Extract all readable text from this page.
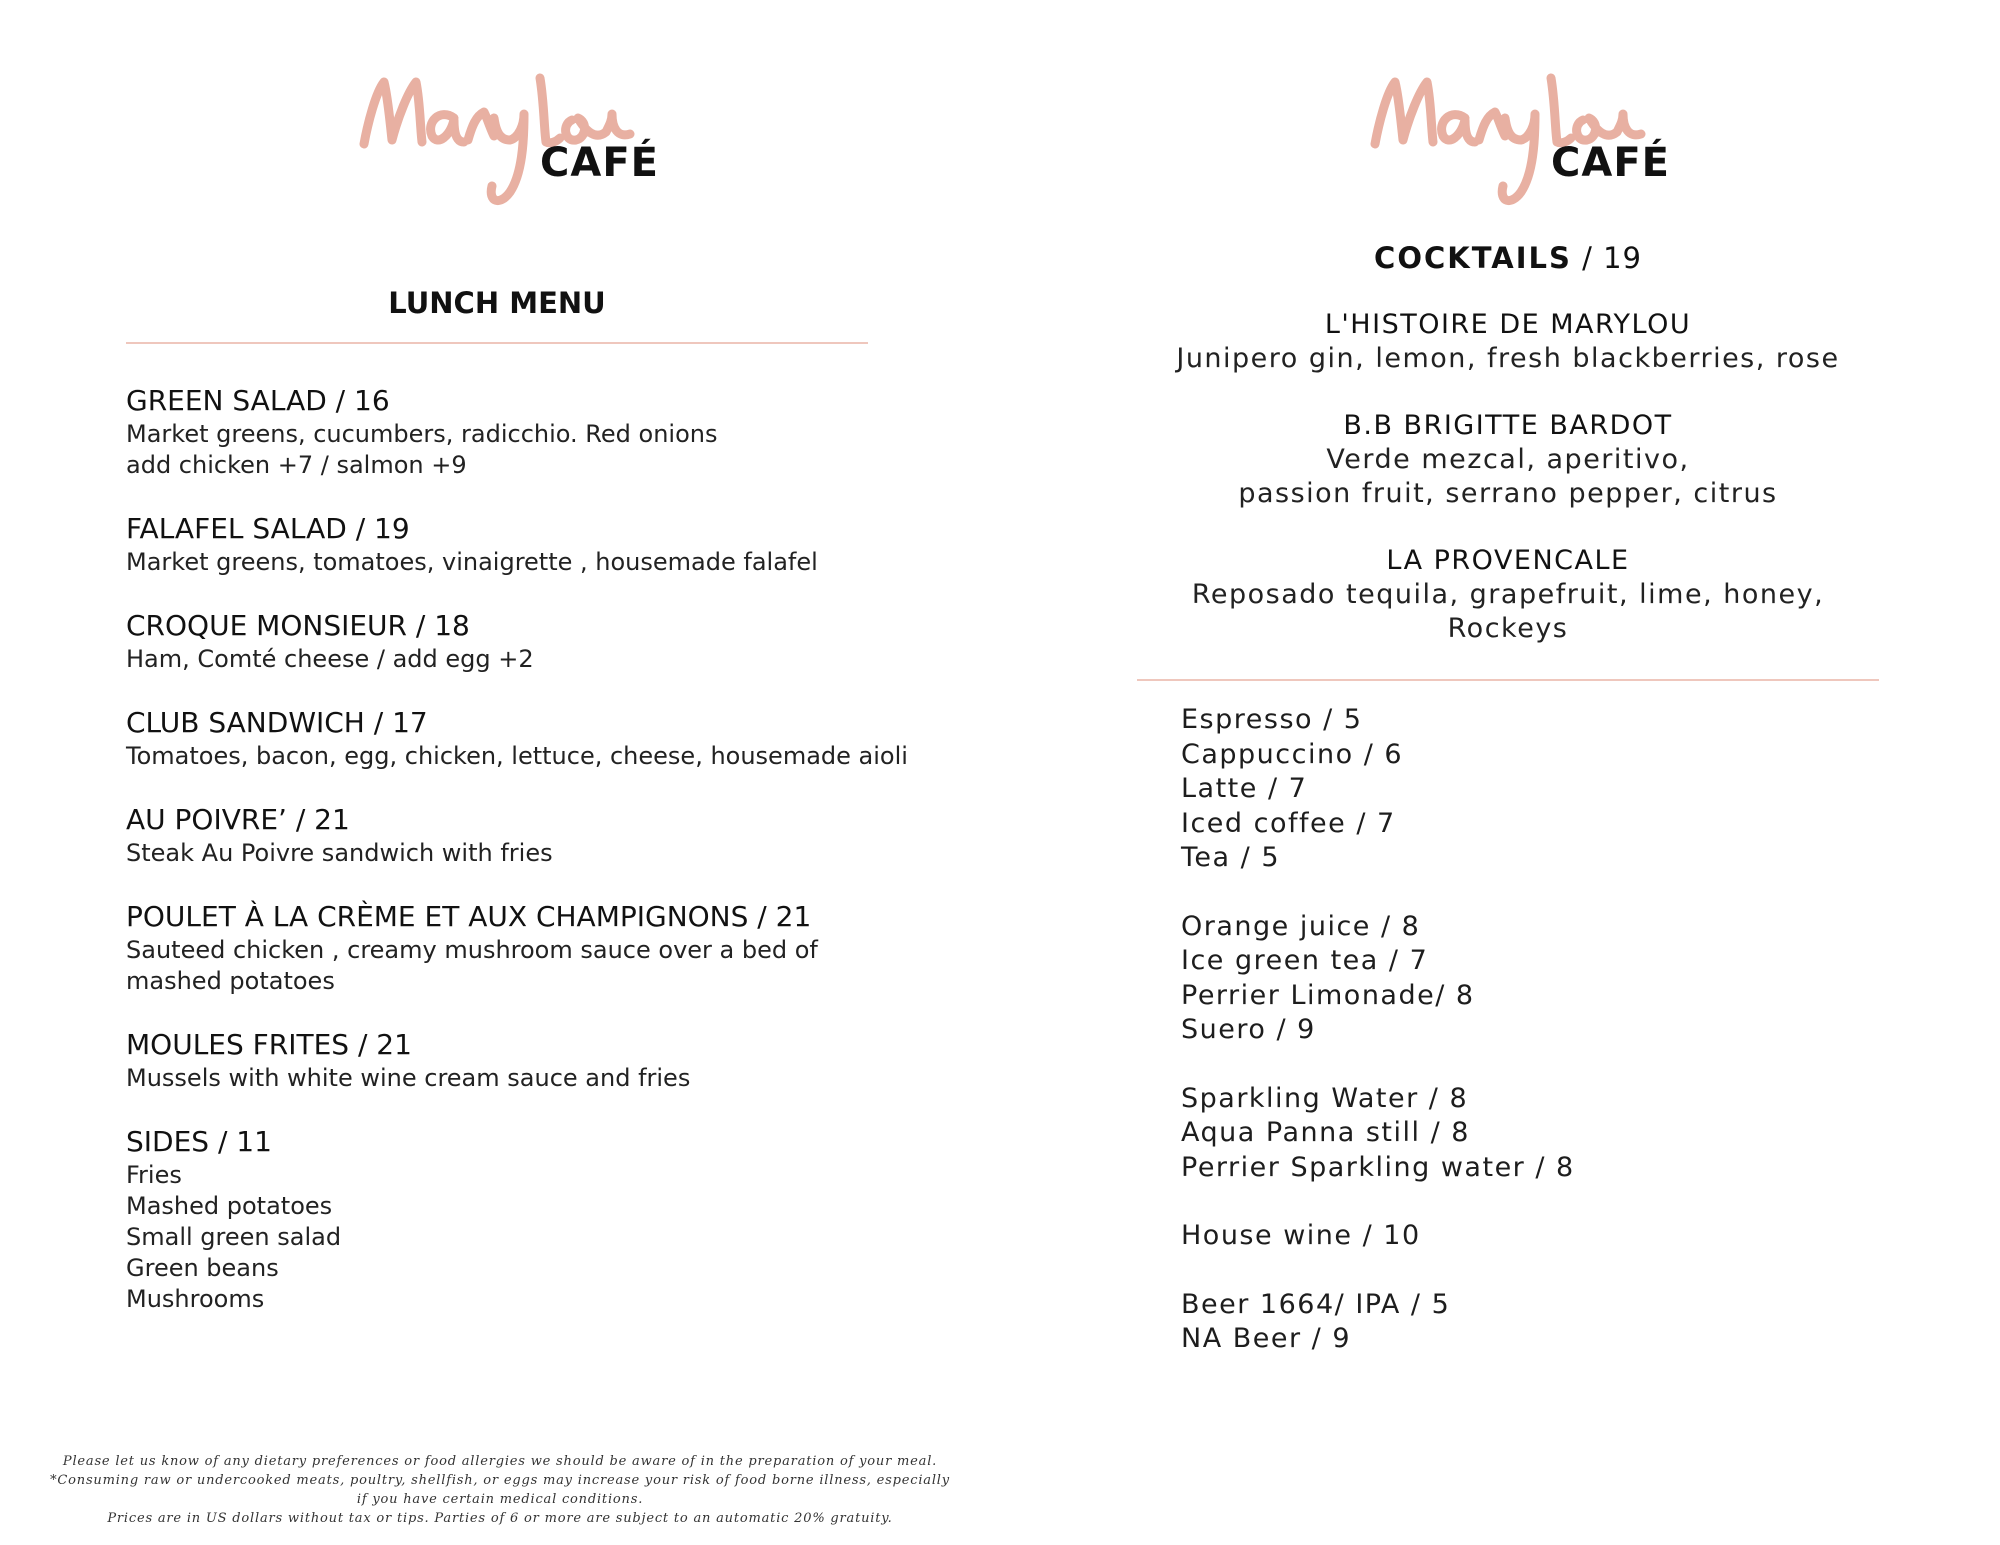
CAFÉ	CAFÉ
LUNCH MENU
GREEN SALAD / 16
Market greens, cucumbers, radicchio. Red onions
add chicken +7 / salmon +9
FALAFEL SALAD / 19
Market greens, tomatoes, vinaigrette , housemade falafel
CROQUE MONSIEUR / 18
Ham, Comté cheese / add egg +2
CLUB SANDWICH / 17
Tomatoes, bacon, egg, chicken, lettuce, cheese, housemade aioli
AU POIVRE’ / 21
Steak Au Poivre sandwich with fries
POULET À LA CRÈME ET AUX CHAMPIGNONS / 21
Sauteed chicken , creamy mushroom sauce over a bed of
mashed potatoes
MOULES FRITES / 21
Mussels with white wine cream sauce and fries
SIDES / 11
Fries
Mashed potatoes
Small green salad
Green beans
Mushrooms
COCKTAILS / 19
L'HISTOIRE DE MARYLOU
Junipero gin, lemon, fresh blackberries, rose
B.B BRIGITTE BARDOT
Verde mezcal, aperitivo,
passion fruit, serrano pepper, citrus
LA PROVENCALE
Reposado tequila, grapefruit, lime, honey,
Rockeys
Espresso / 5
Cappuccino / 6
Latte / 7
Iced coffee / 7
Tea / 5
Orange juice / 8
Ice green tea / 7
Perrier Limonade/ 8
Suero / 9
Sparkling Water / 8
Aqua Panna still / 8
Perrier Sparkling water / 8
House wine / 10
Beer 1664/ IPA / 5
NA Beer / 9
Please let us know of any dietary preferences or food allergies we should be aware of in the preparation of your meal.
*Consuming raw or undercooked meats, poultry, shellfish, or eggs may increase your risk of food borne illness, especially
if you have certain medical conditions.
Prices are in US dollars without tax or tips. Parties of 6 or more are subject to an automatic 20% gratuity.
